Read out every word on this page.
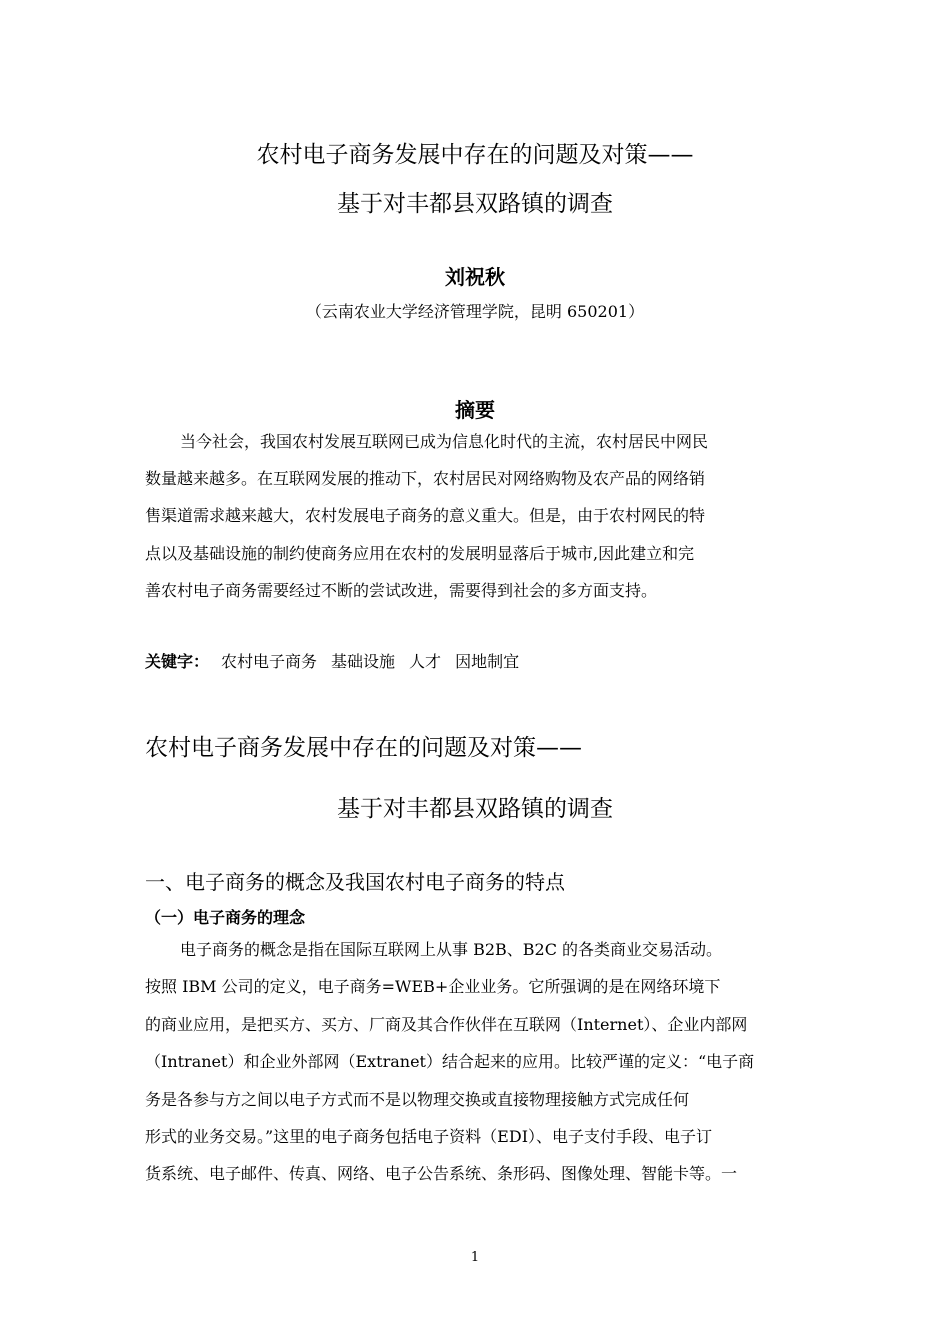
农村电子商务发展中存在的问题及对策——
基于对丰都县双路镇的调查
刘祝秋
（云南农业大学经济管理学院，昆明 650201）
摘要
当今社会，我国农村发展互联网已成为信息化时代的主流，农村居民中网民
数量越来越多。在互联网发展的推动下，农村居民对网络购物及农产品的网络销
售渠道需求越来越大，农村发展电子商务的意义重大。但是，由于农村网民的特
点以及基础设施的制约使商务应用在农村的发展明显落后于城市,因此建立和完
善农村电子商务需要经过不断的尝试改进，需要得到社会的多方面支持。
关键字： 农村电子商务 基础设施 人才 因地制宜
农村电子商务发展中存在的问题及对策——
基于对丰都县双路镇的调查
一、电子商务的概念及我国农村电子商务的特点
（一）电子商务的理念
电子商务的概念是指在国际互联网上从事 B2B、B2C 的各类商业交易活动。
按照 IBM 公司的定义，电子商务=WEB+企业业务。它所强调的是在网络环境下
的商业应用，是把买方、买方、厂商及其合作伙伴在互联网（Internet）、企业内部网
（Intranet）和企业外部网（Extranet）结合起来的应用。比较严谨的定义：“电子商
务是各参与方之间以电子方式而不是以物理交换或直接物理接触方式完成任何
形式的业务交易。”这里的电子商务包括电子资料（EDI）、电子支付手段、电子订
货系统、电子邮件、传真、网络、电子公告系统、条形码、图像处理、智能卡等。一
1
